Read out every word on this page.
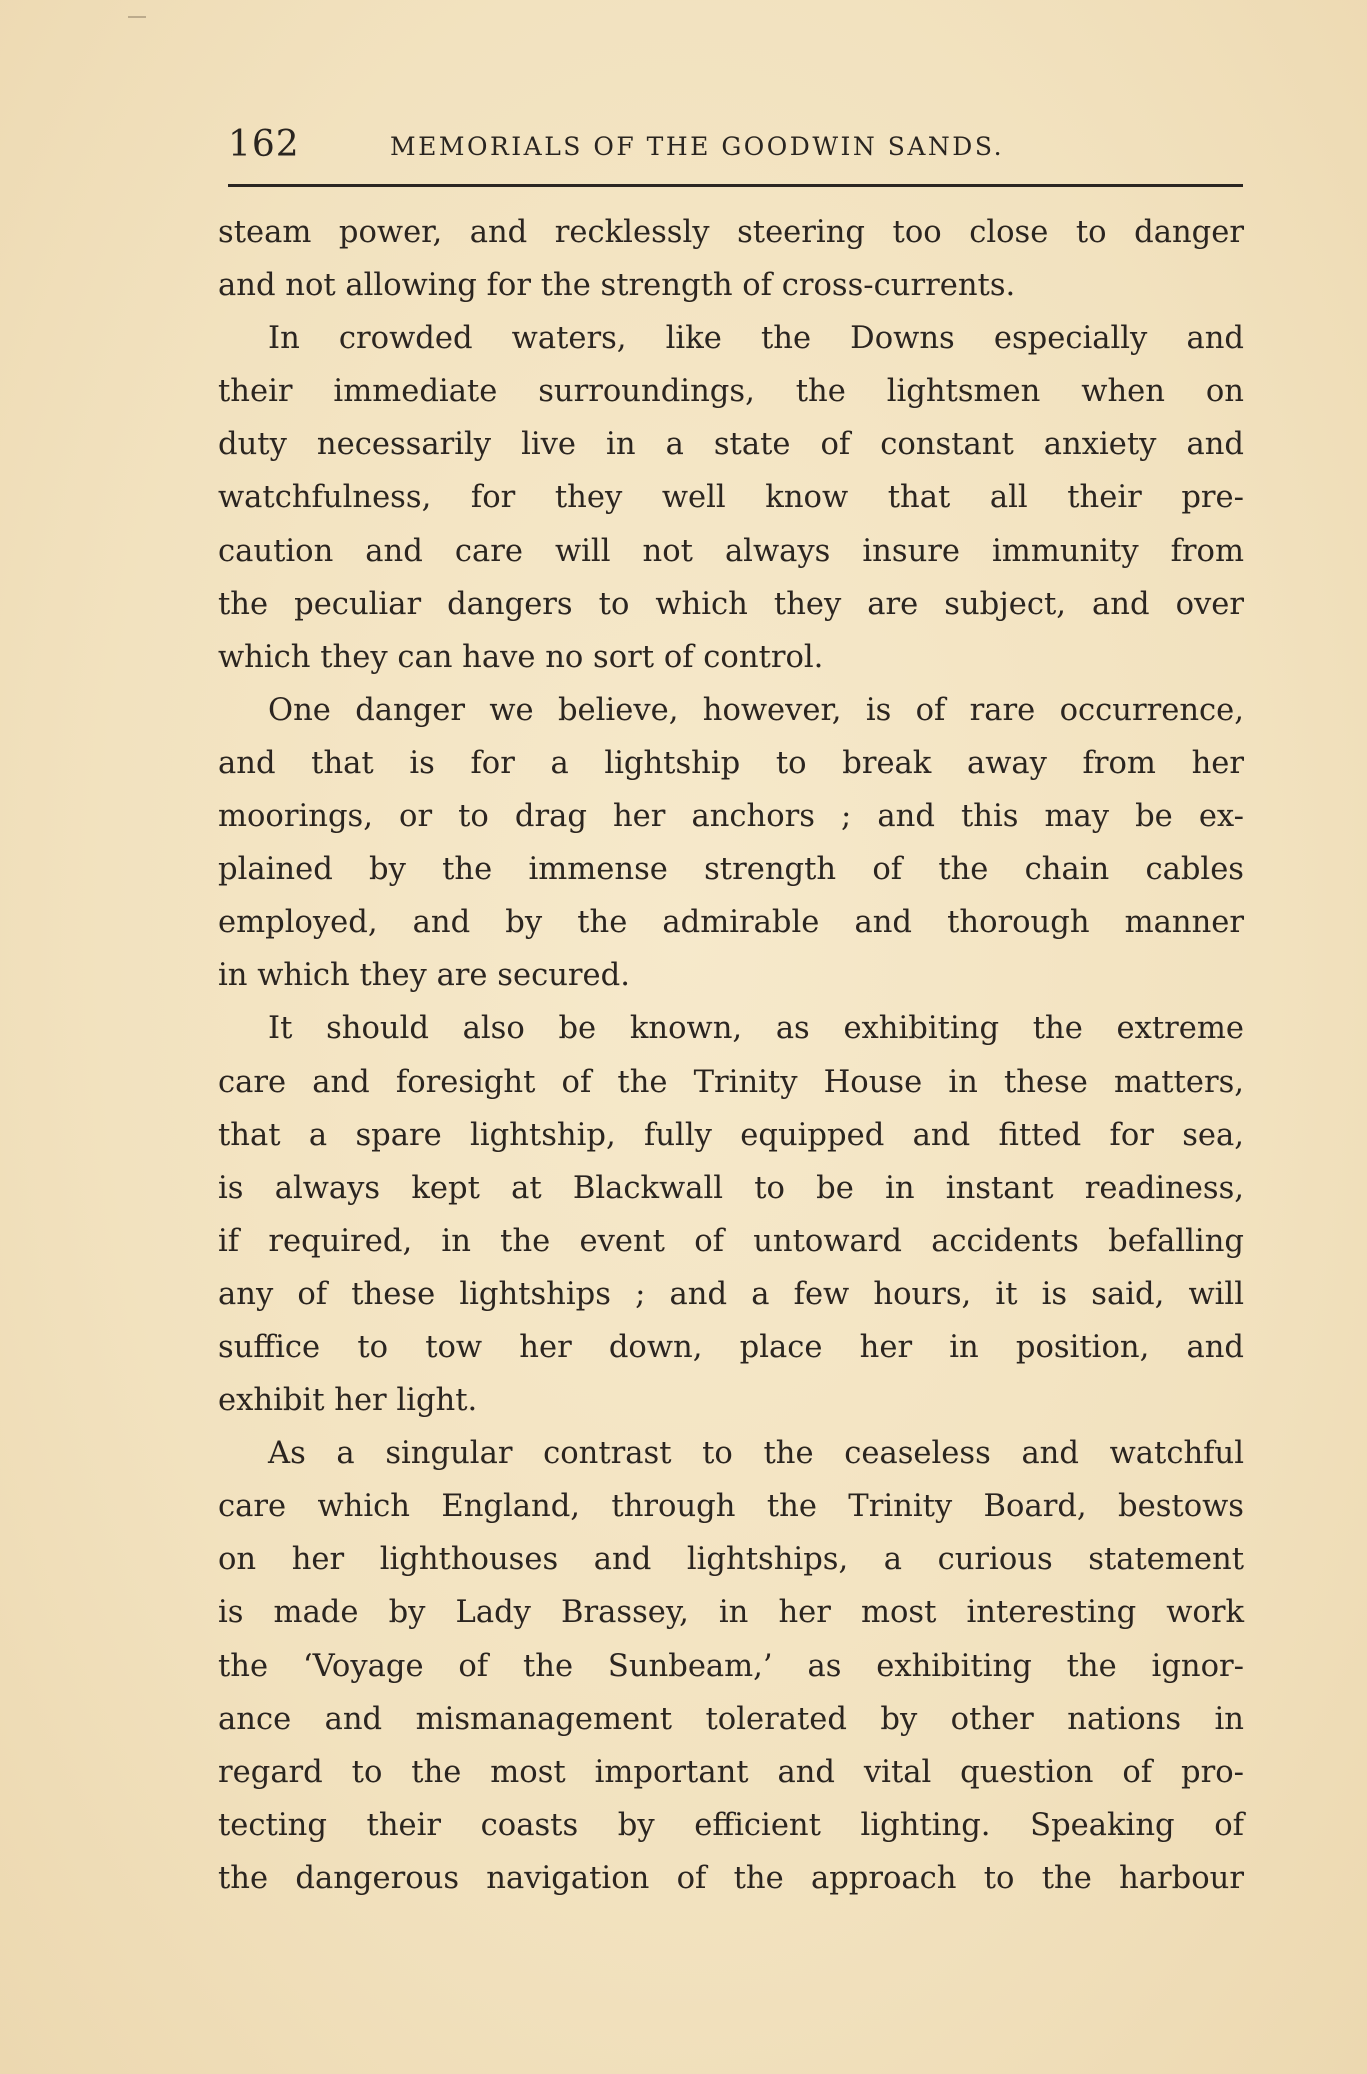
162	MEMORIALS OF THE GOODWIN SANDS.
steam power, and recklessly steering too close to danger
and not allowing for the strength of cross-currents.
In crowded waters, like the Downs especially and
their immediate surroundings, the lightsmen when on
duty necessarily live in a state of constant anxiety and
watchfulness, for they well know that all their pre-
caution and care will not always insure immunity from
the peculiar dangers to which they are subject, and over
which they can have no sort of control.
One danger we believe, however, is of rare occurrence,
and that is for a lightship to break away from her
moorings, or to drag her anchors ; and this may be ex-
plained by the immense strength of the chain cables
employed, and by the admirable and thorough manner
in which they are secured.
It should also be known, as exhibiting the extreme
care and foresight of the Trinity House in these matters,
that a spare lightship, fully equipped and fitted for sea,
is always kept at Blackwall to be in instant readiness,
if required, in the event of untoward accidents befalling
any of these lightships ; and a few hours, it is said, will
suffice to tow her down, place her in position, and
exhibit her light.
As a singular contrast to the ceaseless and watchful
care which England, through the Trinity Board, bestows
on her lighthouses and lightships, a curious statement
is made by Lady Brassey, in her most interesting work
the ‘Voyage of the Sunbeam,’ as exhibiting the ignor-
ance and mismanagement tolerated by other nations in
regard to the most important and vital question of pro-
tecting their coasts by efficient lighting. Speaking of
the dangerous navigation of the approach to the harbour
